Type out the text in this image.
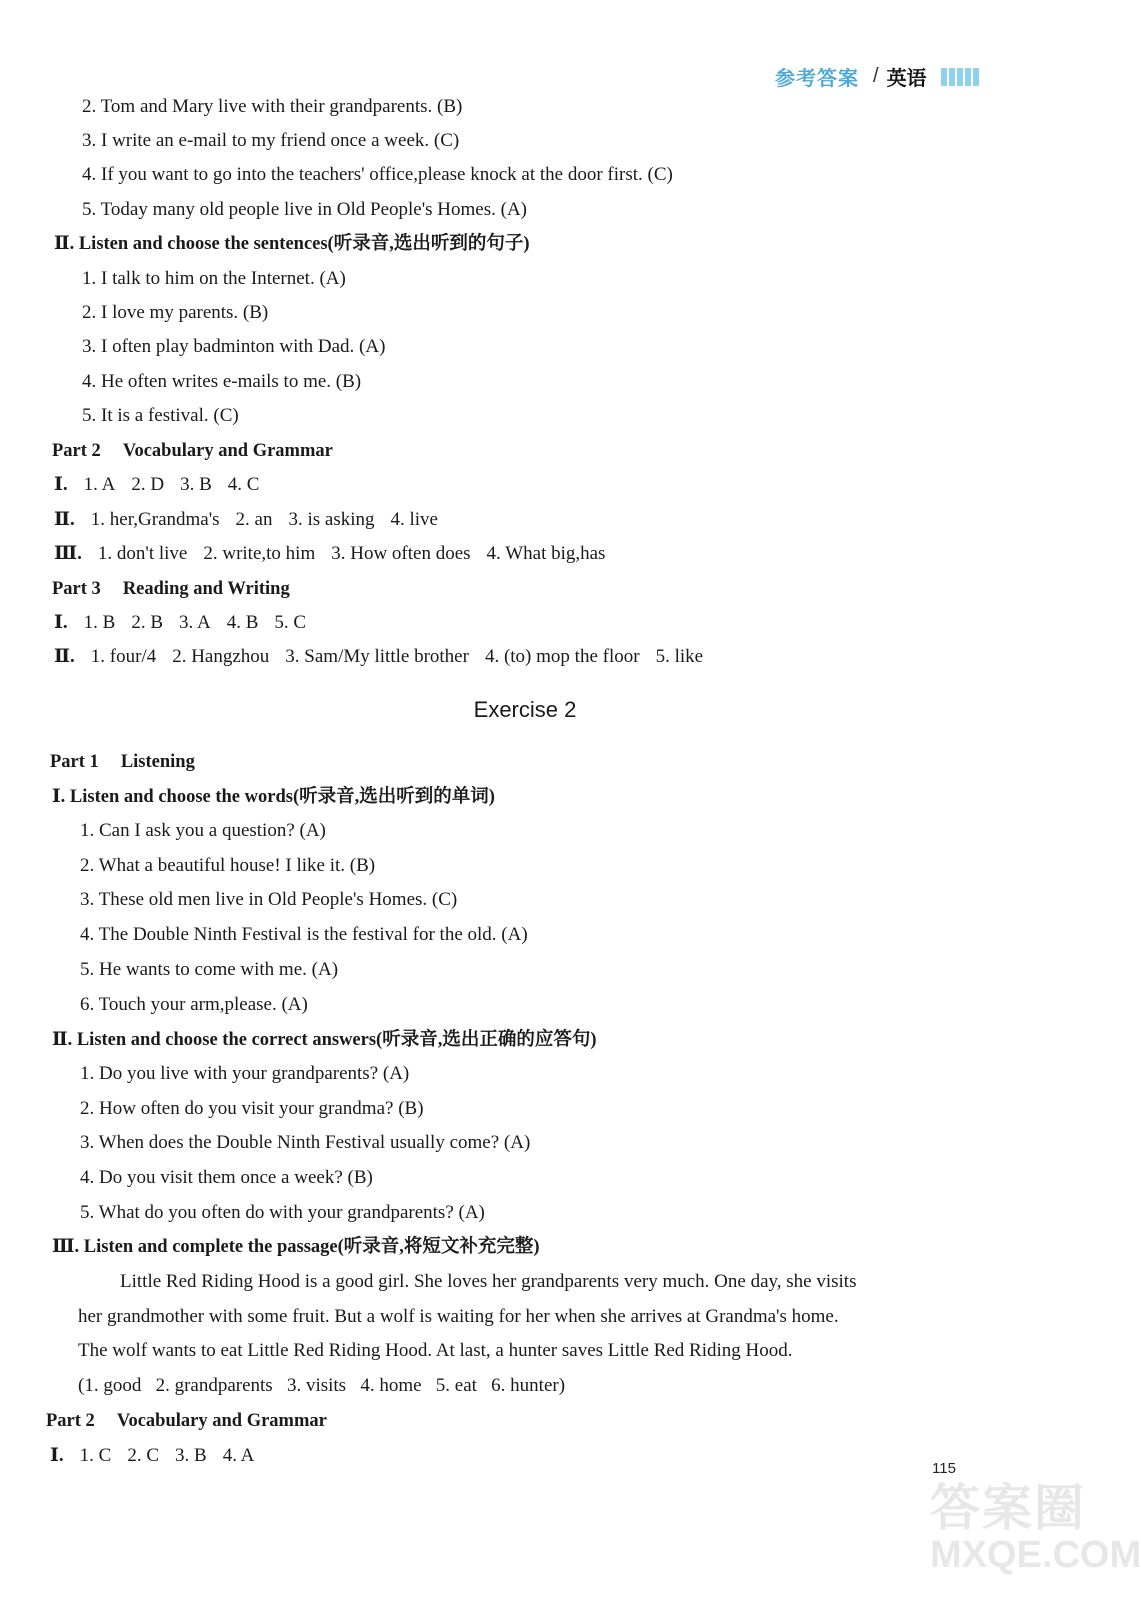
参考答案 / 英语
2. Tom and Mary live with their grandparents. (B)
3. I write an e-mail to my friend once a week. (C)
4. If you want to go into the teachers' office,please knock at the door first. (C)
5. Today many old people live in Old People's Homes. (A)
Ⅱ. Listen and choose the sentences(听录音,选出听到的句子)
1. I talk to him on the Internet. (A)
2. I love my parents. (B)
3. I often play badminton with Dad. (A)
4. He often writes e-mails to me. (B)
5. It is a festival. (C)
Part 2 Vocabulary and Grammar
Ⅰ. 1. A 2. D 3. B 4. C
Ⅱ. 1. her,Grandma's 2. an 3. is asking 4. live
Ⅲ. 1. don't live 2. write,to him 3. How often does 4. What big,has
Part 3 Reading and Writing
Ⅰ. 1. B 2. B 3. A 4. B 5. C
Ⅱ. 1. four/4 2. Hangzhou 3. Sam/My little brother 4. (to) mop the floor 5. like
Exercise 2
Part 1 Listening
Ⅰ. Listen and choose the words(听录音,选出听到的单词)
1. Can I ask you a question? (A)
2. What a beautiful house! I like it. (B)
3. These old men live in Old People's Homes. (C)
4. The Double Ninth Festival is the festival for the old. (A)
5. He wants to come with me. (A)
6. Touch your arm,please. (A)
Ⅱ. Listen and choose the correct answers(听录音,选出正确的应答句)
1. Do you live with your grandparents? (A)
2. How often do you visit your grandma? (B)
3. When does the Double Ninth Festival usually come? (A)
4. Do you visit them once a week? (B)
5. What do you often do with your grandparents? (A)
Ⅲ. Listen and complete the passage(听录音,将短文补充完整)
Little Red Riding Hood is a good girl. She loves her grandparents very much. One day, she visits
her grandmother with some fruit. But a wolf is waiting for her when she arrives at Grandma's home.
The wolf wants to eat Little Red Riding Hood. At last, a hunter saves Little Red Riding Hood.
(1. good   2. grandparents   3. visits   4. home   5. eat   6. hunter)
Part 2 Vocabulary and Grammar
Ⅰ. 1. C 2. C 3. B 4. A
115
答案圈
MXQE.COM
